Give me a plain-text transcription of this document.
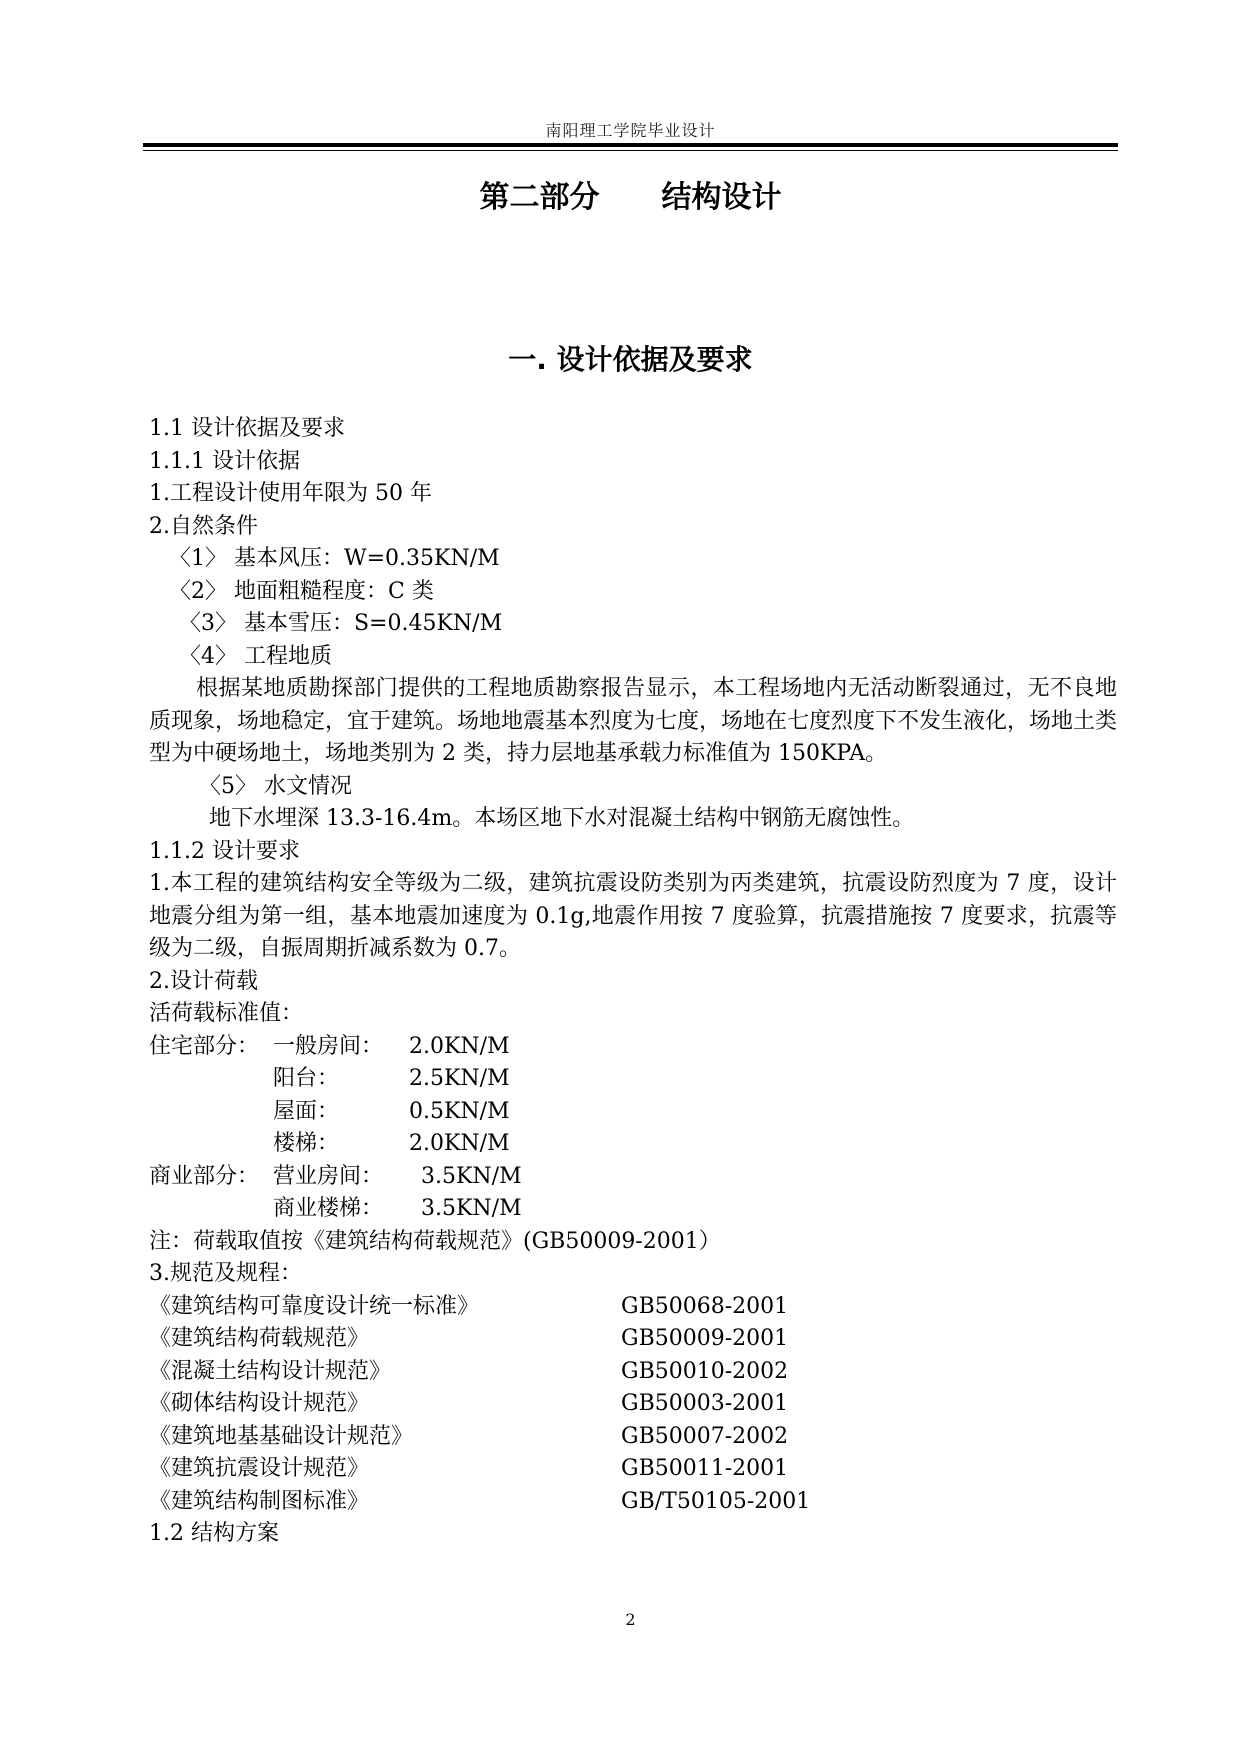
南阳理工学院毕业设计
第二部分 结构设计
一. 设计依据及要求
1.1 设计依据及要求
1.1.1 设计依据
1.工程设计使用年限为 50 年
2.自然条件
〈1〉 基本风压：W=0.35KN/M
〈2〉 地面粗糙程度：C 类
〈3〉 基本雪压：S=0.45KN/M
〈4〉 工程地质
根据某地质勘探部门提供的工程地质勘察报告显示，本工程场地内无活动断裂通过，无不良地质现象，场地稳定，宜于建筑。场地地震基本烈度为七度，场地在七度烈度下不发生液化，场地土类型为中硬场地土，场地类别为 2 类，持力层地基承载力标准值为 150KPA。
〈5〉 水文情况
地下水埋深 13.3-16.4m。本场区地下水对混凝土结构中钢筋无腐蚀性。
1.1.2 设计要求
1.本工程的建筑结构安全等级为二级，建筑抗震设防类别为丙类建筑，抗震设防烈度为 7 度，设计地震分组为第一组，基本地震加速度为 0.1g,地震作用按 7 度验算，抗震措施按 7 度要求，抗震等级为二级，自振周期折减系数为 0.7。
2.设计荷载
活荷载标准值：
住宅部分： 一般房间： 2.0KN/M
阳台：	2.5KN/M
屋面：	0.5KN/M
楼梯：	2.0KN/M
商业部分： 营业房间： 3.5KN/M
商业楼梯： 3.5KN/M
注：荷载取值按《建筑结构荷载规范》(GB50009-2001）
3.规范及规程：
《建筑结构可靠度设计统一标准》	GB50068-2001
《建筑结构荷载规范》	GB50009-2001
《混凝土结构设计规范》	GB50010-2002
《砌体结构设计规范》	GB50003-2001
《建筑地基基础设计规范》	GB50007-2002
《建筑抗震设计规范》	GB50011-2001
《建筑结构制图标准》	GB/T50105-2001
1.2 结构方案
2
